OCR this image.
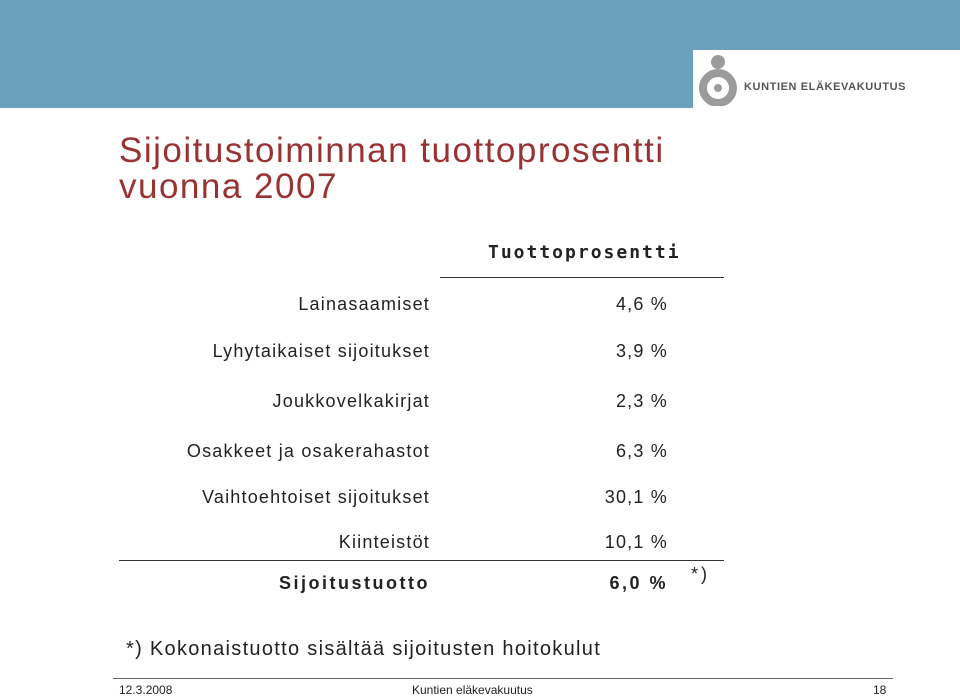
KUNTIEN ELÄKEVAKUUTUS
Sijoitustoiminnan tuottoprosentti
vuonna 2007
Tuottoprosentti
Lainasaamiset	4,6 %
Lyhytaikaiset sijoitukset	3,9 %
Joukkovelkakirjat	2,3 %
Osakkeet ja osakerahastot	6,3 %
Vaihtoehtoiset sijoitukset	30,1 %
Kiinteistöt	10,1 %
Sijoitustuotto	6,0 % *)
*) Kokonaistuotto sisältää sijoitusten hoitokulut
12.3.2008	Kuntien eläkevakuutus	18
